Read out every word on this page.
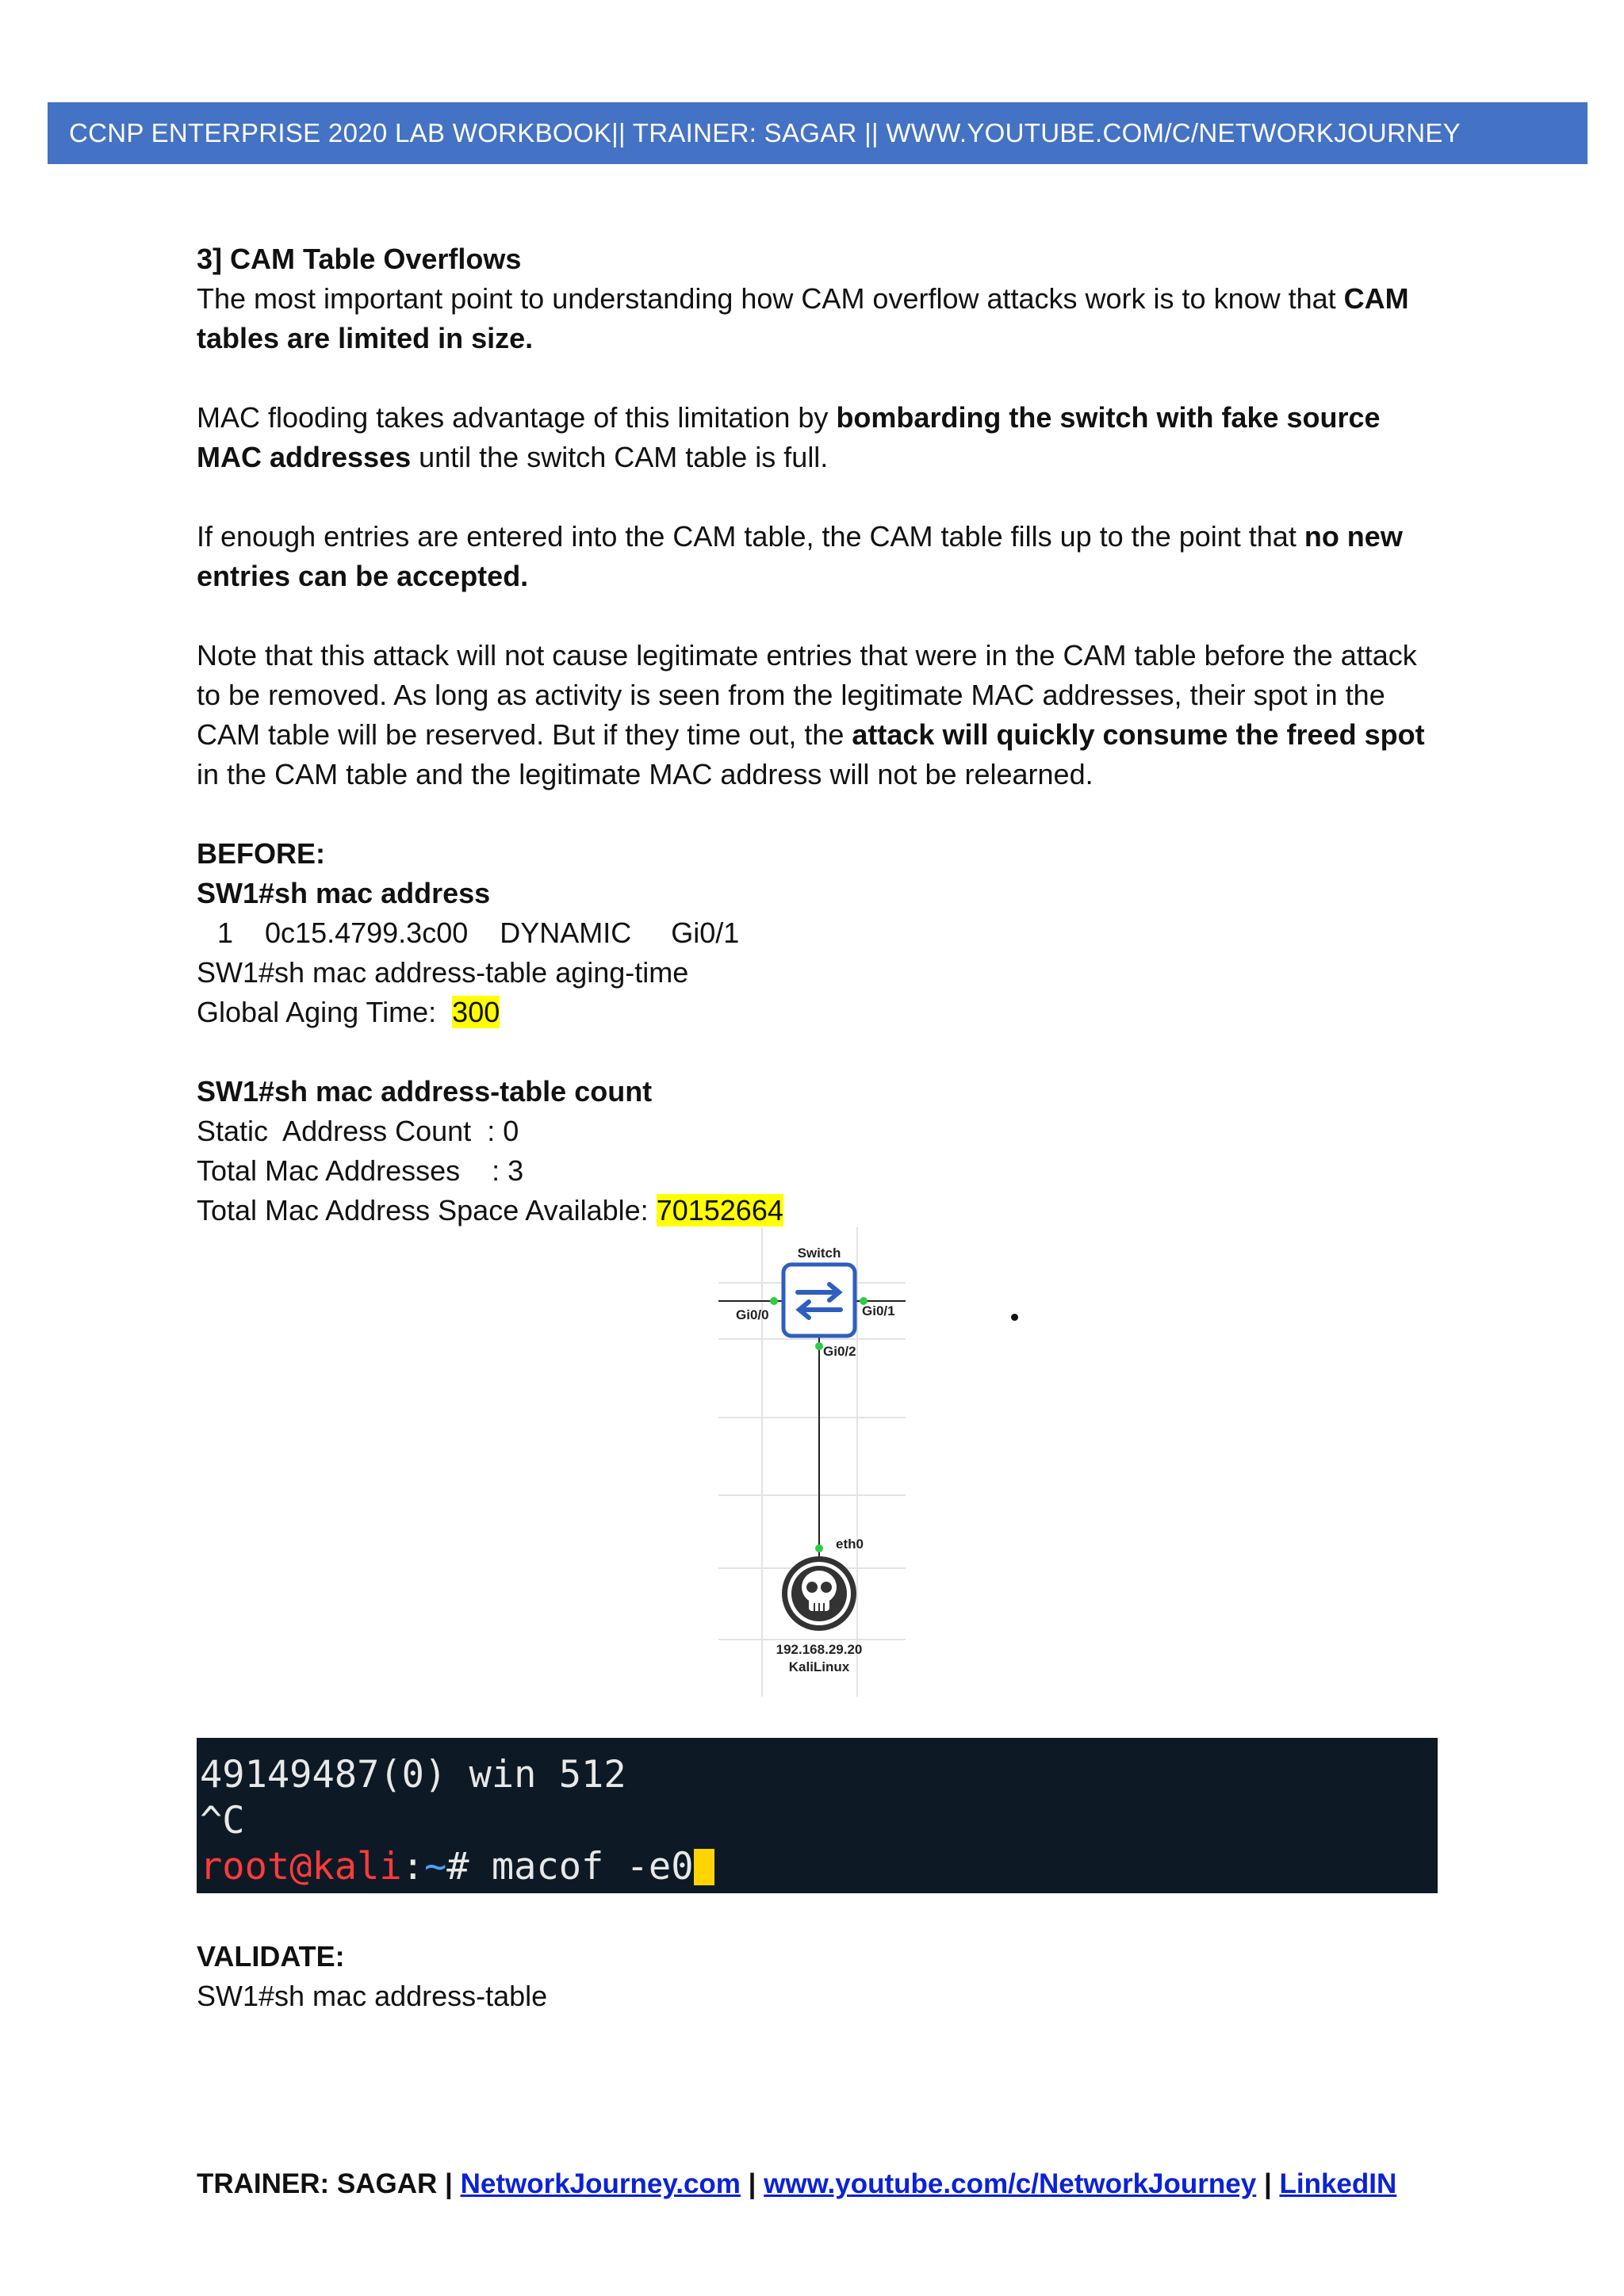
CCNP ENTERPRISE 2020 LAB WORKBOOK|| TRAINER: SAGAR || WWW.YOUTUBE.COM/C/NETWORKJOURNEY

3] CAM Table Overflows

The most important point to understanding how CAM overflow attacks work is to know that CAM tables are limited in size.

MAC flooding takes advantage of this limitation by bombarding the switch with fake source MAC addresses until the switch CAM table is full.

If enough entries are entered into the CAM table, the CAM table fills up to the point that no new entries can be accepted.

Note that this attack will not cause legitimate entries that were in the CAM table before the attack to be removed. As long as activity is seen from the legitimate MAC addresses, their spot in the CAM table will be reserved. But if they time out, the attack will quickly consume the freed spot in the CAM table and the legitimate MAC address will not be relearned.

BEFORE:

SW1#sh mac address

1    0c15.4799.3c00    DYNAMIC     Gi0/1

SW1#sh mac address-table aging-time

Global Aging Time:  300

SW1#sh mac address-table count

Static  Address Count  : 0

Total Mac Addresses    : 3

Total Mac Address Space Available: 70152664

Switch
Gi0/0	Gi0/1
Gi0/2
eth0
192.168.29.20
KaliLinux
49149487(0) win 512
^C
root@kali:~# macof -e0

VALIDATE:

SW1#sh mac address-table

TRAINER: SAGAR | NetworkJourney.com | www.youtube.com/c/NetworkJourney | LinkedIN
